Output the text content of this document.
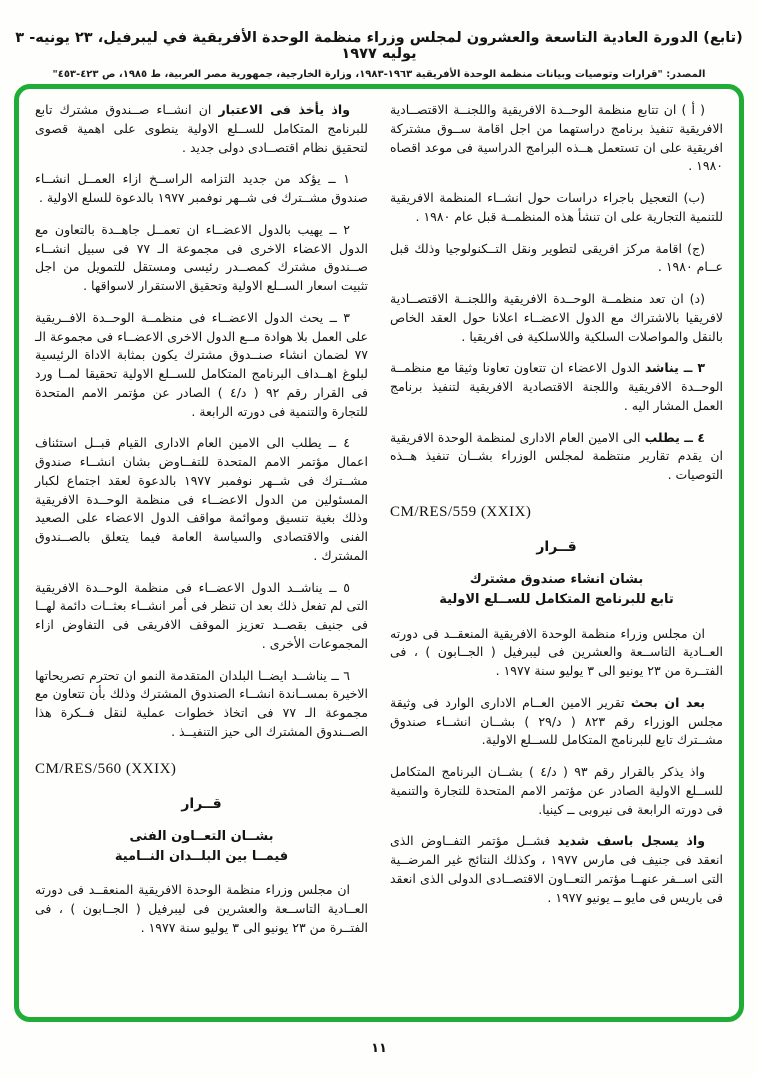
(تابع) الدورة العادية التاسعة والعشرون لمجلس وزراء منظمة الوحدة الأفريقية في ليبرفيل، ٢٣ يونيه- ٣ يوليه ١٩٧٧
المصدر: "قرارات وتوصيات وبيانات منظمة الوحدة الأفريقية ١٩٦٣-١٩٨٣، وزارة الخارجية، جمهورية مصر العربية، ط ١٩٨٥، ص ٤٢٣-٤٥٣"

( أ ) ان تتابع منظمة الوحــدة الافريقية واللجنــة الاقتصــادية الافريقية تنفيذ برنامج دراستهما من اجل اقامة ســوق مشتركة افريقية على ان تستعمل هــذه البرامج الدراسية فى موعد اقصاه ١٩٨٠ .

(ب) التعجيل باجراء دراسات حول انشــاء المنظمة الافريقية للتنمية التجارية على ان تنشأ هذه المنظمــة قبل عام ١٩٨٠ .

(ج) اقامة مركز افريقى لتطوير ونقل التــكنولوجيا وذلك قبل عــام ١٩٨٠ .

(د) ان تعد منظمــة الوحــدة الافريقية واللجنــة الاقتصــادية لافريقيا بالاشتراك مع الدول الاعضــاء اعلانا حول العقد الخاص بالنقل والمواصلات السلكية واللاسلكية فى افريقيا .

٣ ــ يناشد الدول الاعضاء ان تتعاون تعاونا وثيقا مع منظمــة الوحــدة الافريقية واللجنة الاقتصادية الافريقية لتنفيذ برنامج العمل المشار اليه .

٤ ــ يطلب الى الامين العام الادارى لمنظمة الوحدة الافريقية ان يقدم تقارير منتظمة لمجلس الوزراء بشــان تنفيذ هــذه التوصيات .

CM/RES/559 (XXIX)
قــرار
بشان انشاء صندوق مشترك
تابع للبرنامج المتكامل للســلع الاولية

ان مجلس وزراء منظمة الوحدة الافريقية المنعقــد فى دورته العــادية التاســعة والعشرين فى ليبرفيل ( الجــابون ) ، فى الفتــرة من ٢٣ يونيو الى ٣ يوليو سنة ١٩٧٧ .

بعد ان بحث تقرير الامين العــام الادارى الوارد فى وثيقة مجلس الوزراء رقم ٨٢٣ ( د/٢٩ ) بشــان انشــاء صندوق مشــترك تابع للبرنامج المتكامل للســلع الاولية.

واذ يذكر بالقرار رقم ٩٣ ( د/٤ ) بشــان البرنامج المتكامل للســلع الاولية الصادر عن مؤتمر الامم المتحدة للتجارة والتنمية فى دورته الرابعة فى نيروبى ــ كينيا.

واذ يسجل باسف شديد فشــل مؤتمر التفــاوض الذى انعقد فى جنيف فى مارس ١٩٧٧ ، وكذلك النتائج غير المرضــية التى اســفر عنهــا مؤتمر التعــاون الاقتصــادى الدولى الذى انعقد فى باريس فى مايو ــ يونيو ١٩٧٧ .

واذ يأخذ فى الاعتبار ان انشــاء صــندوق مشترك تابع للبرنامج المتكامل للســلع الاولية ينطوى على اهمية قصوى لتحقيق نظام اقتصــادى دولى جديد .

١ ــ يؤكد من جديد التزامه الراســخ ازاء العمــل انشــاء صندوق مشــترك فى شــهر نوفمبر ١٩٧٧ بالدعوة للسلع الاولية .

٢ ــ يهيب بالدول الاعضــاء ان تعمــل جاهــدة بالتعاون مع الدول الاعضاء الاخرى فى مجموعة الـ ٧٧ فى سبيل انشــاء صــندوق مشترك كمصــدر رئيسى ومستقل للتمويل من اجل تثبيت اسعار الســلع الاولية وتحقيق الاستقرار لاسواقها .

٣ ــ يحث الدول الاعضــاء فى منظمــة الوحــدة الافــريقية على العمل بلا هوادة مــع الدول الاخرى الاعضــاء فى مجموعة الـ ٧٧ لضمان انشاء صنــدوق مشترك يكون بمثابة الاداة الرئيسية لبلوغ اهــداف البرنامج المتكامل للســلع الاولية تحقيقا لمــا ورد فى القرار رقم ٩٢ ( د/٤ ) الصادر عن مؤتمر الامم المتحدة للتجارة والتنمية فى دورته الرابعة .

٤ ــ يطلب الى الامين العام الادارى القيام قبــل استئناف اعمال مؤتمر الامم المتحدة للتفــاوض بشان انشــاء صندوق مشــترك فى شــهر نوفمبر ١٩٧٧ بالدعوة لعقد اجتماع لكبار المسئولين من الدول الاعضــاء فى منظمة الوحــدة الافريقية وذلك بغية تنسيق وموائمة مواقف الدول الاعضاء على الصعيد الفنى والاقتصادى والسياسة العامة فيما يتعلق بالصــندوق المشترك .

٥ ــ يناشــد الدول الاعضــاء فى منظمة الوحــدة الافريقية التى لم تفعل ذلك بعد ان تنظر فى أمر انشــاء بعثــات دائمة لهــا فى جنيف بقصــد تعزيز الموقف الافريقى فى التفاوض ازاء المجموعات الأخرى .

٦ ــ يناشــد ايضــا البلدان المتقدمة النمو ان تحترم تصريحاتها الاخيرة بمســاندة انشــاء الصندوق المشترك وذلك بأن تتعاون مع مجموعة الـ ٧٧ فى اتخاذ خطوات عملية لنقل فــكرة هذا الصــندوق المشترك الى حيز التنفيــذ .

CM/RES/560 (XXIX)
قــرار
بشــان التعــاون الفنى
فيمــا بين البلــدان النــامية

ان مجلس وزراء منظمة الوحدة الافريقية المنعقــد فى دورته العــادية التاســعة والعشرين فى ليبرفيل ( الجــابون ) ، فى الفتــرة من ٢٣ يونيو الى ٣ يوليو سنة ١٩٧٧ .

١١
